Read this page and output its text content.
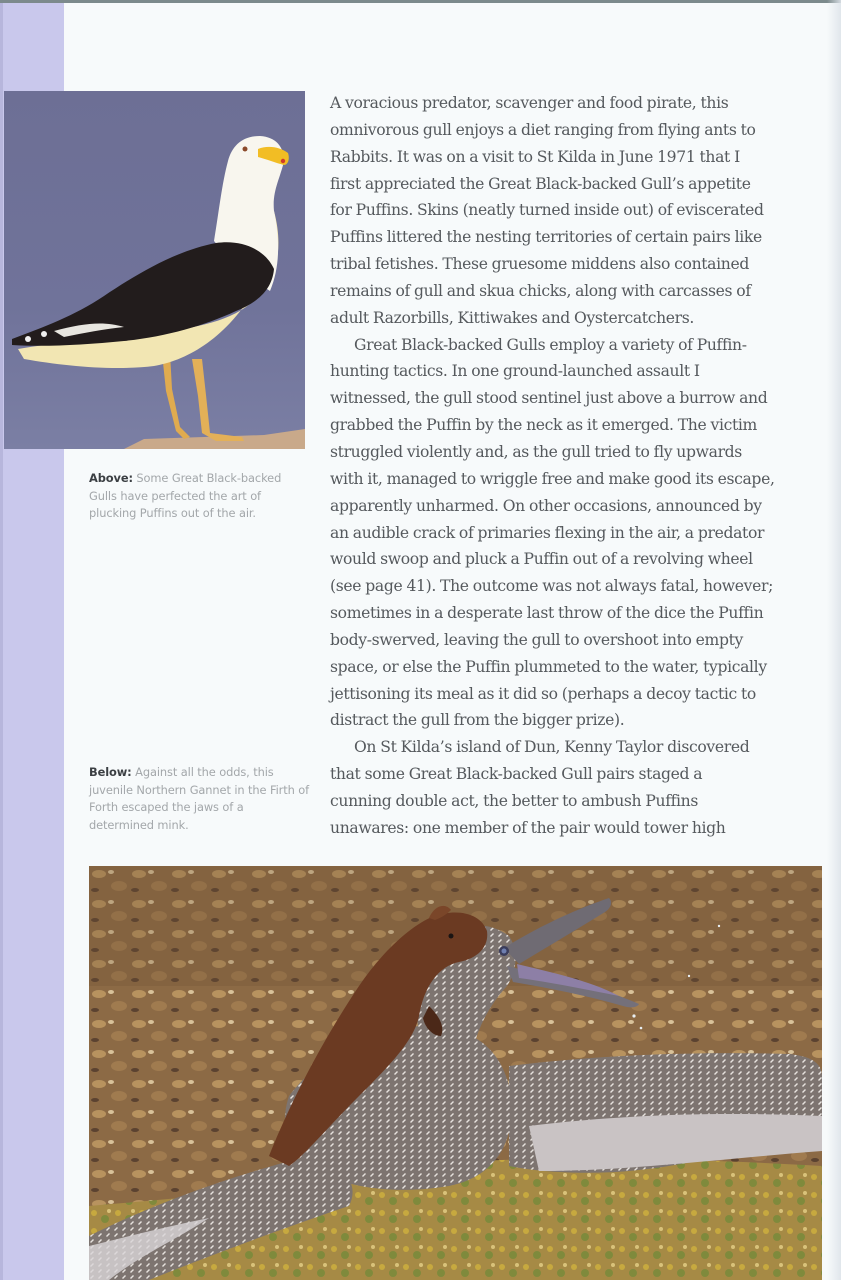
Above: Some Great Black-backed Gulls have perfected the art of plucking Puffins out of the air.
Below: Against all the odds, this juvenile Northern Gannet in the Firth of Forth escaped the jaws of a determined mink.

A voracious predator, scavenger and food pirate, this
omnivorous gull enjoys a diet ranging from flying ants to
Rabbits. It was on a visit to St Kilda in June 1971 that I
first appreciated the Great Black-backed Gull’s appetite
for Puffins. Skins (neatly turned inside out) of eviscerated
Puffins littered the nesting territories of certain pairs like
tribal fetishes. These gruesome middens also contained
remains of gull and skua chicks, along with carcasses of
adult Razorbills, Kittiwakes and Oystercatchers.

Great Black-backed Gulls employ a variety of Puffin-
hunting tactics. In one ground-launched assault I
witnessed, the gull stood sentinel just above a burrow and
grabbed the Puffin by the neck as it emerged. The victim
struggled violently and, as the gull tried to fly upwards
with it, managed to wriggle free and make good its escape,
apparently unharmed. On other occasions, announced by
an audible crack of primaries flexing in the air, a predator
would swoop and pluck a Puffin out of a revolving wheel
(see page 41). The outcome was not always fatal, however;
sometimes in a desperate last throw of the dice the Puffin
body-swerved, leaving the gull to overshoot into empty
space, or else the Puffin plummeted to the water, typically
jettisoning its meal as it did so (perhaps a decoy tactic to
distract the gull from the bigger prize).

On St Kilda’s island of Dun, Kenny Taylor discovered
that some Great Black-backed Gull pairs staged a
cunning double act, the better to ambush Puffins
unawares: one member of the pair would tower high
